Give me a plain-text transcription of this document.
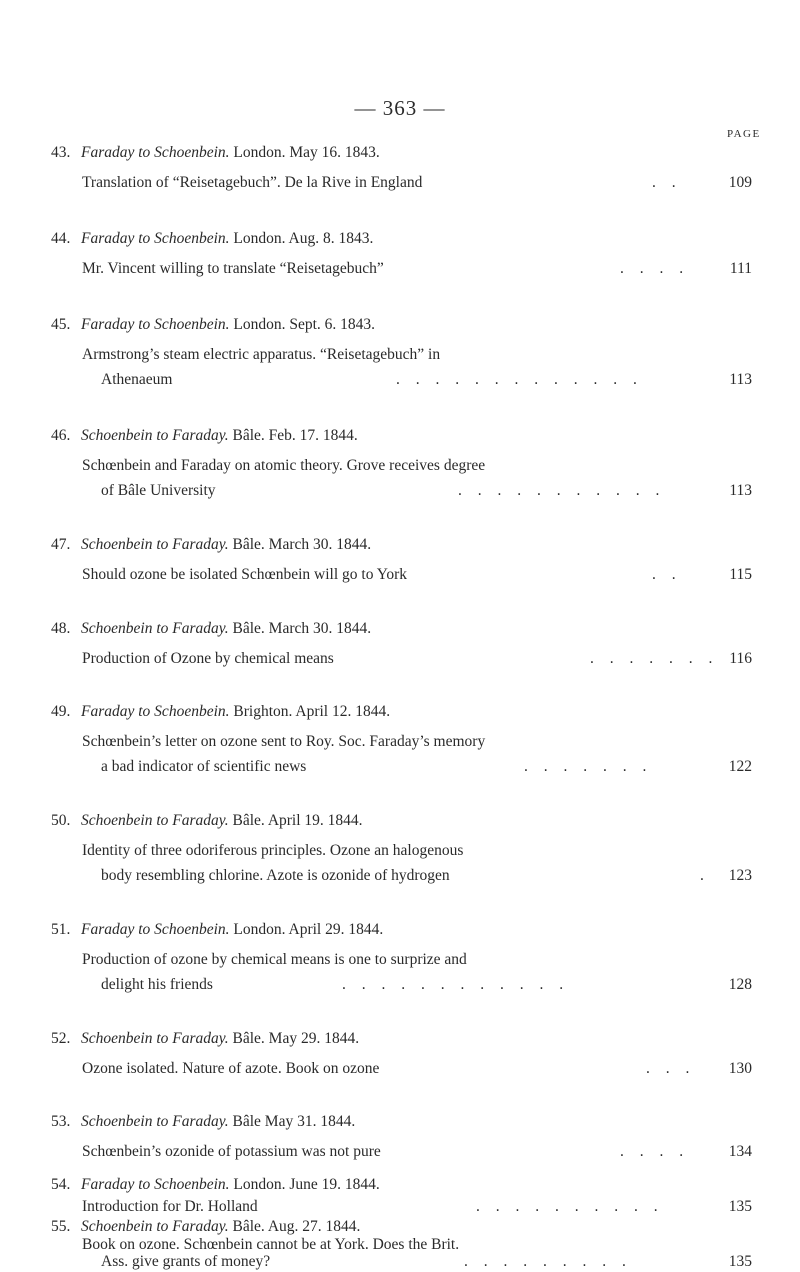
— 363 —
PAGE
43. Faraday to Schoenbein. London. May 16. 1843.
Translation of “Reisetagebuch”. De la Rive in England	. .	109
44. Faraday to Schoenbein. London. Aug. 8. 1843.
Mr. Vincent willing to translate “Reisetagebuch”	. . . .	111
45. Faraday to Schoenbein. London. Sept. 6. 1843.
Armstrong’s steam electric apparatus. “Reisetagebuch” in
Athenaeum	. . . . . . . . . . . . .	113
46. Schoenbein to Faraday. Bâle. Feb. 17. 1844.
Schœnbein and Faraday on atomic theory. Grove receives degree
of Bâle University	. . . . . . . . . . .	113
47. Schoenbein to Faraday. Bâle. March 30. 1844.
Should ozone be isolated Schœnbein will go to York	. .	115
48. Schoenbein to Faraday. Bâle. March 30. 1844.
Production of Ozone by chemical means	. . . . . . . 116
49. Faraday to Schoenbein. Brighton. April 12. 1844.
Schœnbein’s letter on ozone sent to Roy. Soc. Faraday’s memory
a bad indicator of scientific news	. . . . . . .	122
50. Schoenbein to Faraday. Bâle. April 19. 1844.
Identity of three odoriferous principles. Ozone an halogenous
body resembling chlorine. Azote is ozonide of hydrogen	.	123
51. Faraday to Schoenbein. London. April 29. 1844.
Production of ozone by chemical means is one to surprize and
delight his friends	. . . . . . . . . . . .	128
52. Schoenbein to Faraday. Bâle. May 29. 1844.
Ozone isolated. Nature of azote. Book on ozone	. . .	130
53. Schoenbein to Faraday. Bâle May 31. 1844.
Schœnbein’s ozonide of potassium was not pure	. . . .	134
54. Faraday to Schoenbein. London. June 19. 1844.
Introduction for Dr. Holland	. . . . . . . . . .	135
55. Schoenbein to Faraday. Bâle. Aug. 27. 1844.
Book on ozone. Schœnbein cannot be at York. Does the Brit.
Ass. give grants of money?	. . . . . . . . .	135
